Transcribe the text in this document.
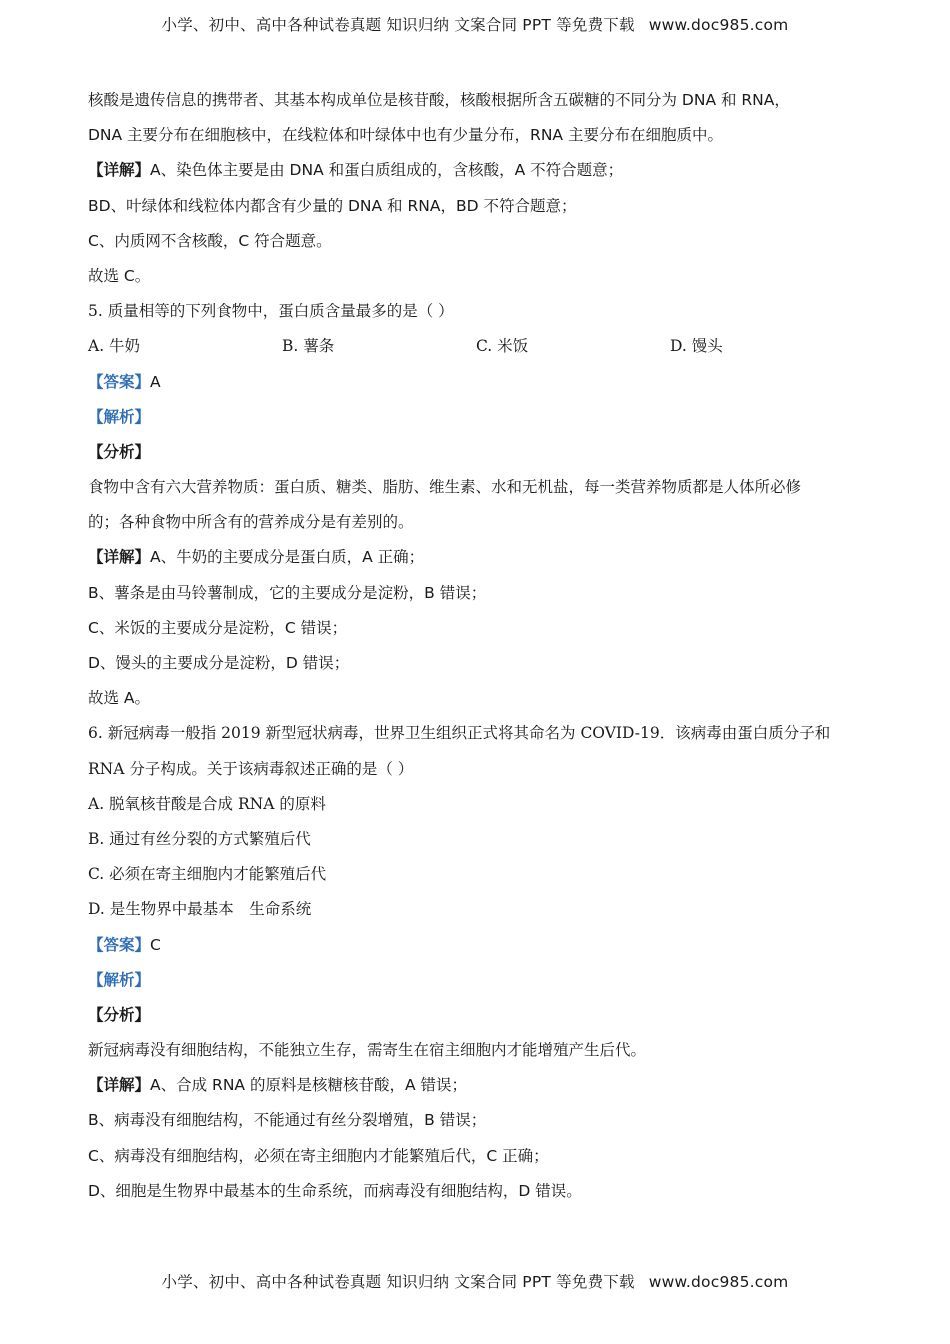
小学、初中、高中各种试卷真题 知识归纳 文案合同 PPT 等免费下载 www.doc985.com
核酸是遗传信息的携带者、其基本构成单位是核苷酸，核酸根据所含五碳糖的不同分为 DNA 和 RNA，
DNA 主要分布在细胞核中，在线粒体和叶绿体中也有少量分布，RNA 主要分布在细胞质中。
【详解】A、染色体主要是由 DNA 和蛋白质组成的，含核酸，A 不符合题意；
BD、叶绿体和线粒体内都含有少量的 DNA 和 RNA，BD 不符合题意；
C、内质网不含核酸，C 符合题意。
故选 C。
5. 质量相等的下列食物中，蛋白质含量最多的是（ ）
A. 牛奶	B. 薯条	C. 米饭	D. 馒头
【答案】A
【解析】
【分析】
食物中含有六大营养物质：蛋白质、糖类、脂肪、维生素、水和无机盐，每一类营养物质都是人体所必修
的；各种食物中所含有的营养成分是有差别的。
【详解】A、牛奶的主要成分是蛋白质，A 正确；
B、薯条是由马铃薯制成，它的主要成分是淀粉，B 错误；
C、米饭的主要成分是淀粉，C 错误；
D、馒头的主要成分是淀粉，D 错误；
故选 A。
6. 新冠病毒一般指 2019 新型冠状病毒，世界卫生组织正式将其命名为 COVID-19．该病毒由蛋白质分子和
RNA 分子构成。关于该病毒叙述正确的是（ ）
A. 脱氧核苷酸是合成 RNA 的原料
B. 通过有丝分裂的方式繁殖后代
C. 必须在寄主细胞内才能繁殖后代
D. 是生物界中最基本　生命系统
【答案】C
【解析】
【分析】
新冠病毒没有细胞结构，不能独立生存，需寄生在宿主细胞内才能增殖产生后代。
【详解】A、合成 RNA 的原料是核糖核苷酸，A 错误；
B、病毒没有细胞结构，不能通过有丝分裂增殖，B 错误；
C、病毒没有细胞结构，必须在寄主细胞内才能繁殖后代，C 正确；
D、细胞是生物界中最基本的生命系统，而病毒没有细胞结构，D 错误。
小学、初中、高中各种试卷真题 知识归纳 文案合同 PPT 等免费下载 www.doc985.com
